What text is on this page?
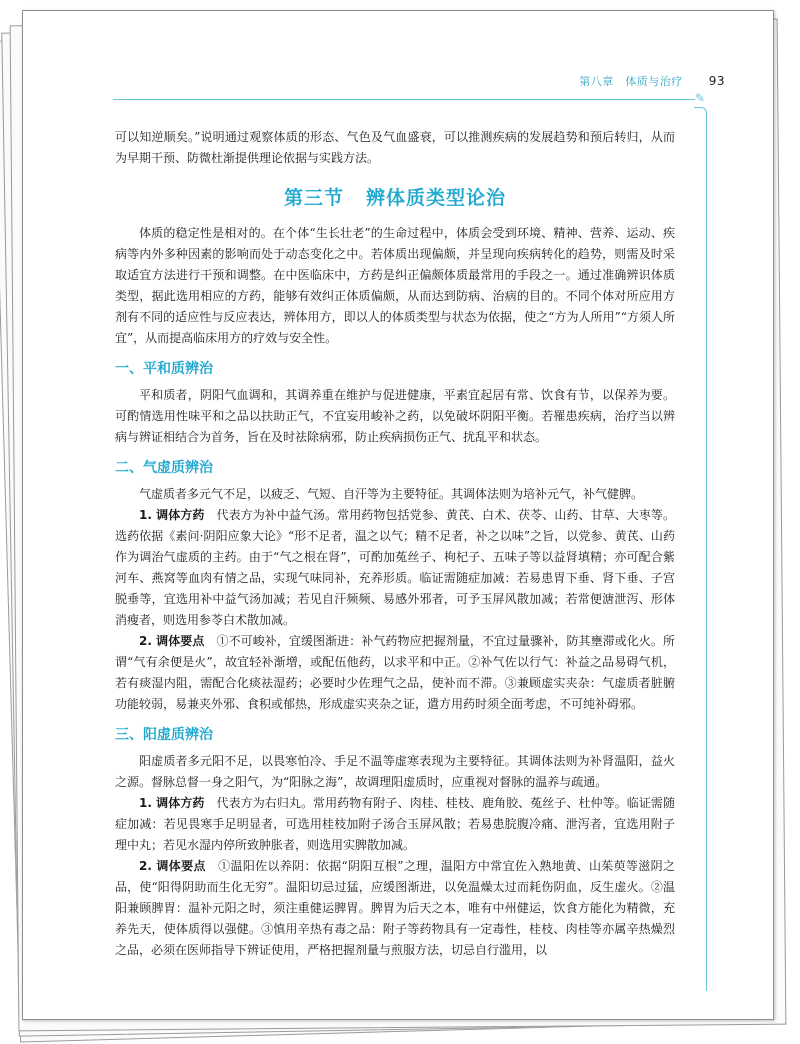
第八章　体质与治疗 93
✎

可以知逆顺矣。”说明通过观察体质的形态、气色及气血盛衰，可以推测疾病的发展趋势和预后转归，从而为早期干预、防微杜渐提供理论依据与实践方法。

第三节 辨体质类型论治

体质的稳定性是相对的。在个体“生长壮老”的生命过程中，体质会受到环境、精神、营养、运动、疾病等内外多种因素的影响而处于动态变化之中。若体质出现偏颇，并呈现向疾病转化的趋势，则需及时采取适宜方法进行干预和调整。在中医临床中，方药是纠正偏颇体质最常用的手段之一。通过准确辨识体质类型，据此选用相应的方药，能够有效纠正体质偏颇，从而达到防病、治病的目的。不同个体对所应用方剂有不同的适应性与反应表达，辨体用方，即以人的体质类型与状态为依据，使之“方为人所用”“方须人所宜”，从而提高临床用方的疗效与安全性。

一、平和质辨治

平和质者，阴阳气血调和，其调养重在维护与促进健康，平素宜起居有常、饮食有节，以保养为要。可酌情选用性味平和之品以扶助正气，不宜妄用峻补之药，以免破坏阴阳平衡。若罹患疾病，治疗当以辨病与辨证相结合为首务，旨在及时祛除病邪，防止疾病损伤正气、扰乱平和状态。

二、气虚质辨治

气虚质者多元气不足，以疲乏、气短、自汗等为主要特征。其调体法则为培补元气，补气健脾。

1. 调体方药　 代表方为补中益气汤。常用药物包括党参、黄芪、白术、茯苓、山药、甘草、大枣等。选药依据《素问·阴阳应象大论》“形不足者，温之以气；精不足者，补之以味”之旨，以党参、黄芪、山药作为调治气虚质的主药。由于“气之根在肾”，可酌加菟丝子、枸杞子、五味子等以益肾填精；亦可配合紫河车、燕窝等血肉有情之品，实现气味同补，充养形质。临证需随症加减：若易患胃下垂、肾下垂、子宫脱垂等，宜选用补中益气汤加减；若见自汗频频、易感外邪者，可予玉屏风散加减；若常便溏泄泻、形体消瘦者，则选用参苓白术散加减。

2. 调体要点　 ①不可峻补，宜缓图渐进：补气药物应把握剂量，不宜过量骤补，防其壅滞或化火。所谓“气有余便是火”，故宜轻补渐增，或配伍他药，以求平和中正。②补气佐以行气：补益之品易碍气机，若有痰湿内阻，需配合化痰祛湿药；必要时少佐理气之品，使补而不滞。③兼顾虚实夹杂：气虚质者脏腑功能较弱，易兼夹外邪、食积或郁热，形成虚实夹杂之证，遣方用药时须全面考虑，不可纯补碍邪。

三、阳虚质辨治

阳虚质者多元阳不足，以畏寒怕冷、手足不温等虚寒表现为主要特征。其调体法则为补肾温阳，益火之源。督脉总督一身之阳气，为“阳脉之海”，故调理阳虚质时，应重视对督脉的温养与疏通。

1. 调体方药　 代表方为右归丸。常用药物有附子、肉桂、桂枝、鹿角胶、菟丝子、杜仲等。临证需随症加减：若见畏寒手足明显者，可选用桂枝加附子汤合玉屏风散；若易患脘腹冷痛、泄泻者，宜选用附子理中丸；若见水湿内停所致肿胀者，则选用实脾散加减。

2. 调体要点　 ①温阳佐以养阴：依据“阴阳互根”之理，温阳方中常宜佐入熟地黄、山茱萸等滋阴之品，使“阳得阴助而生化无穷”。温阳切忌过猛，应缓图渐进，以免温燥太过而耗伤阴血，反生虚火。②温阳兼顾脾胃：温补元阳之时，须注重健运脾胃。脾胃为后天之本，唯有中州健运，饮食方能化为精微，充养先天，使体质得以强健。③慎用辛热有毒之品：附子等药物具有一定毒性，桂枝、肉桂等亦属辛热燥烈之品，必须在医师指导下辨证使用，严格把握剂量与煎服方法，切忌自行滥用，以
